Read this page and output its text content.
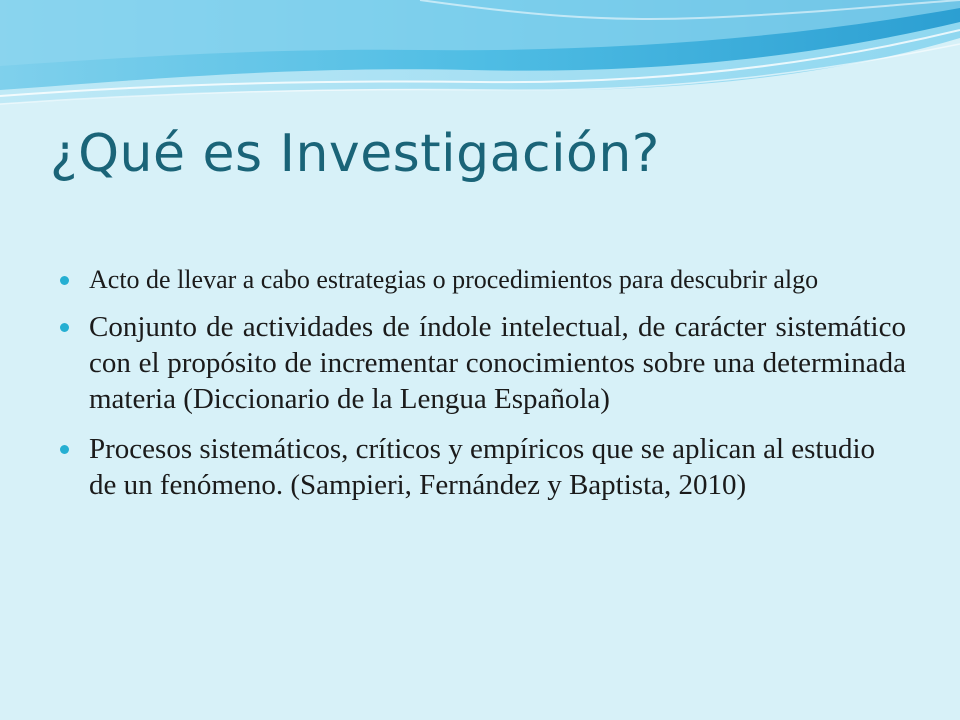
¿Qué es Investigación?
Acto de llevar a cabo estrategias o procedimientos para descubrir algo
Conjunto de actividades de índole intelectual, de carácter sistemático con el propósito de incrementar conocimientos sobre una determinada materia (Diccionario de la Lengua Española)
Procesos sistemáticos, críticos y empíricos que se aplican al estudio de un fenómeno. (Sampieri, Fernández y Baptista, 2010)
